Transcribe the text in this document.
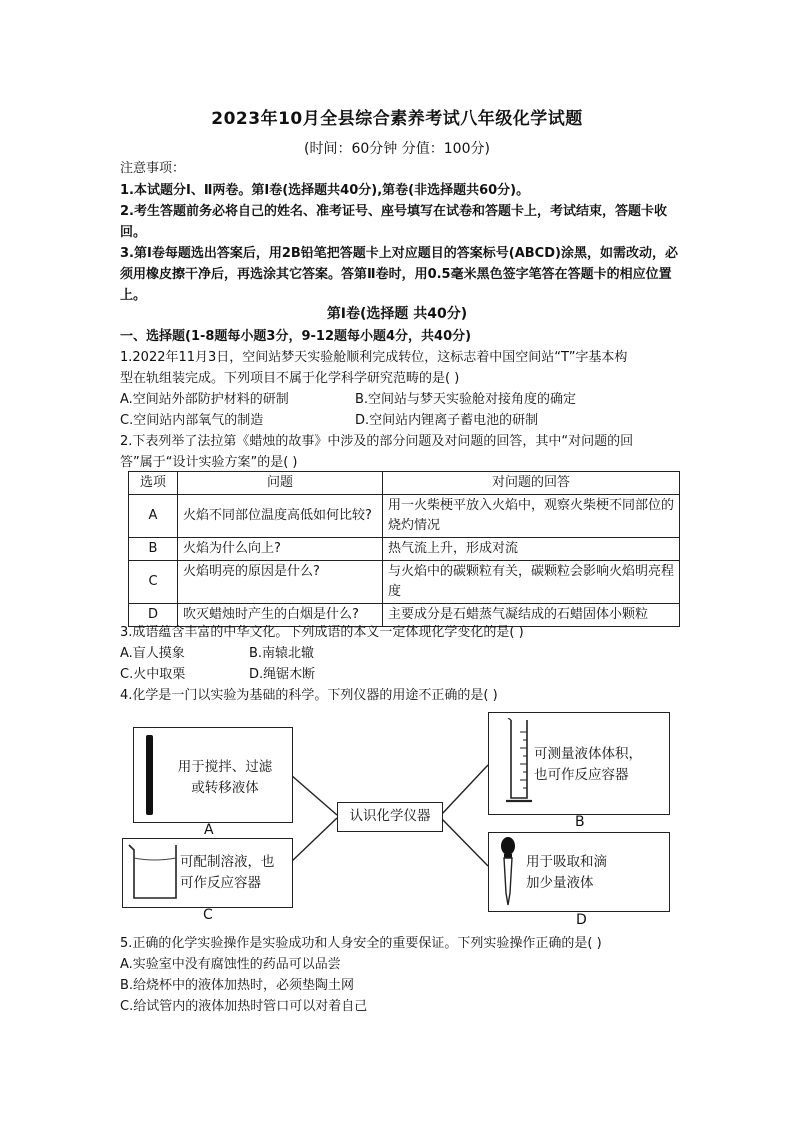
2023年10月全县综合素养考试八年级化学试题
(时间：60分钟 分值：100分)
注意事项：
1.本试题分Ⅰ、Ⅱ两卷。第Ⅰ卷(选择题共40分),第卷(非选择题共60分)。
2.考生答题前务必将自己的姓名、准考证号、座号填写在试卷和答题卡上，考试结束，答题卡收回。
3.第Ⅰ卷每题选出答案后，用2B铅笔把答题卡上对应题目的答案标号(ABCD)涂黑，如需改动，必须用橡皮擦干净后，再选涂其它答案。答第Ⅱ卷时，用0.5毫米黑色签字笔答在答题卡的相应位置上。
第Ⅰ卷(选择题 共40分)
一、选择题(1-8题每小题3分，9-12题每小题4分，共40分)
1.2022年11月3日，空间站梦天实验舱顺利完成转位，这标志着中国空间站“T”字基本构
型在轨组装完成。下列项目不属于化学科学研究范畴的是( )
A.空间站外部防护材料的研制	B.空间站与梦天实验舱对接角度的确定
C.空间站内部氧气的制造	D.空间站内锂离子蓄电池的研制
2.下表列举了法拉第《蜡烛的故事》中涉及的部分问题及对问题的回答，其中“对问题的回
答”属于“设计实验方案”的是( )
选项	问题	对问题的回答
A	火焰不同部位温度高低如何比较?	用一火柴梗平放入火焰中，观察火柴梗不同部位的烧灼情况
B	火焰为什么向上?	热气流上升，形成对流
C	火焰明亮的原因是什么?	与火焰中的碳颗粒有关，碳颗粒会影响火焰明亮程度
D	吹灭蜡烛时产生的白烟是什么?	主要成分是石蜡蒸气凝结成的石蜡固体小颗粒
3.成语蕴含丰富的中华文化。下列成语的本义一定体现化学变化的是( )
A.盲人摸象	B.南辕北辙
C.火中取栗	D.绳锯木断
4.化学是一门以实验为基础的科学。下列仪器的用途不正确的是( )
用于搅拌、过滤
或转移液体
A
可测量液体体积，
也可作反应容器
B
认识化学仪器
可配制溶液，也
可作反应容器
C
用于吸取和滴
加少量液体
D
5.正确的化学实验操作是实验成功和人身安全的重要保证。下列实验操作正确的是( )
A.实验室中没有腐蚀性的药品可以品尝
B.给烧杯中的液体加热时，必须垫陶土网
C.给试管内的液体加热时管口可以对着自己
